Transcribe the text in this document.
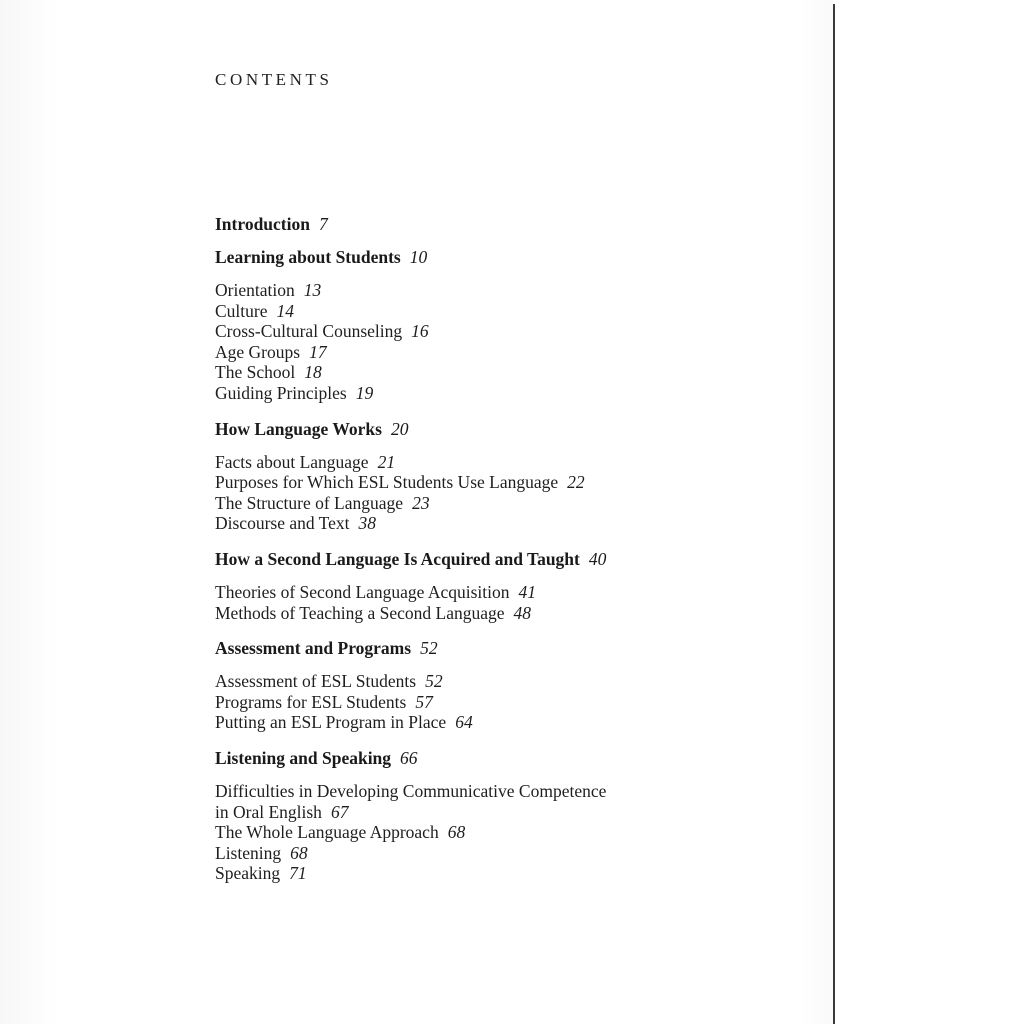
CONTENTS
Introduction 7
Learning about Students 10
Orientation 13
Culture 14
Cross-Cultural Counseling 16
Age Groups 17
The School 18
Guiding Principles 19
How Language Works 20
Facts about Language 21
Purposes for Which ESL Students Use Language 22
The Structure of Language 23
Discourse and Text 38
How a Second Language Is Acquired and Taught 40
Theories of Second Language Acquisition 41
Methods of Teaching a Second Language 48
Assessment and Programs 52
Assessment of ESL Students 52
Programs for ESL Students 57
Putting an ESL Program in Place 64
Listening and Speaking 66
Difficulties in Developing Communicative Competence
in Oral English 67
The Whole Language Approach 68
Listening 68
Speaking 71
